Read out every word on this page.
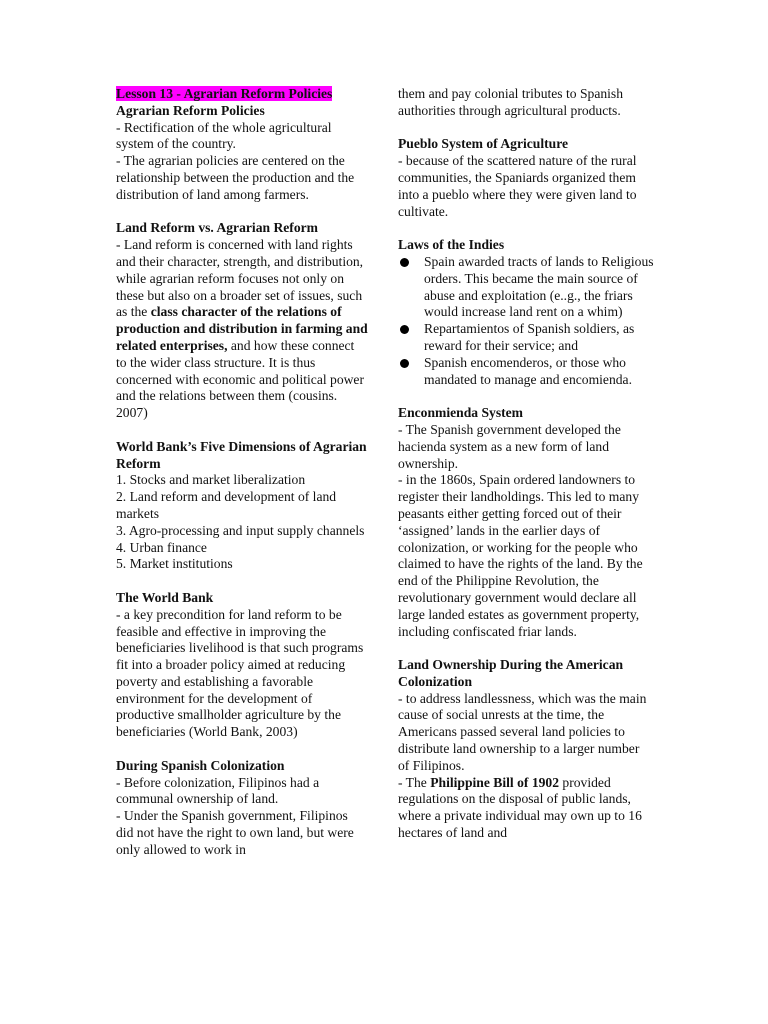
Lesson 13 - Agrarian Reform Policies
Agrarian Reform Policies

- Rectification of the whole agricultural system of the country.

- The agrarian policies are centered on the relationship between the production and the distribution of land among farmers.

Land Reform vs. Agrarian Reform

- Land reform is concerned with land rights and their character, strength, and distribution, while agrarian reform focuses not only on these but also on a broader set of issues, such as the class character of the relations of production and distribution in farming and related enterprises, and how these connect to the wider class structure. It is thus concerned with economic and political power and the relations between them (cousins. 2007)

World Bank’s Five Dimensions of Agrarian Reform
1. Stocks and market liberalization
2. Land reform and development of land markets
3. Agro-processing and input supply channels
4. Urban finance
5. Market institutions
The World Bank

- a key precondition for land reform to be feasible and effective in improving the beneficiaries livelihood is that such programs fit into a broader policy aimed at reducing poverty and establishing a favorable environment for the development of productive smallholder agriculture by the beneficiaries (World Bank, 2003)

During Spanish Colonization

- Before colonization, Filipinos had a communal ownership of land.

- Under the Spanish government, Filipinos did not have the right to own land, but were only allowed to work in

them and pay colonial tributes to Spanish authorities through agricultural products.

Pueblo System of Agriculture

- because of the scattered nature of the rural communities, the Spaniards organized them into a pueblo where they were given land to cultivate.

Laws of the Indies
Spain awarded tracts of lands to Religious orders. This became the main source of abuse and exploitation (e..g., the friars would increase land rent on a whim)
Repartamientos of Spanish soldiers, as reward for their service; and
Spanish encomenderos, or those who mandated to manage and encomienda.
Enconmienda System

- The Spanish government developed the hacienda system as a new form of land ownership.

- in the 1860s, Spain ordered landowners to register their landholdings. This led to many peasants either getting forced out of their ‘assigned’ lands in the earlier days of colonization, or working for the people who claimed to have the rights of the land. By the end of the Philippine Revolution, the revolutionary government would declare all large landed estates as government property, including confiscated friar lands.

Land Ownership During the American Colonization

- to address landlessness, which was the main cause of social unrests at the time, the Americans passed several land policies to distribute land ownership to a larger number of Filipinos.

- The Philippine Bill of 1902 provided regulations on the disposal of public lands, where a private individual may own up to 16 hectares of land and
